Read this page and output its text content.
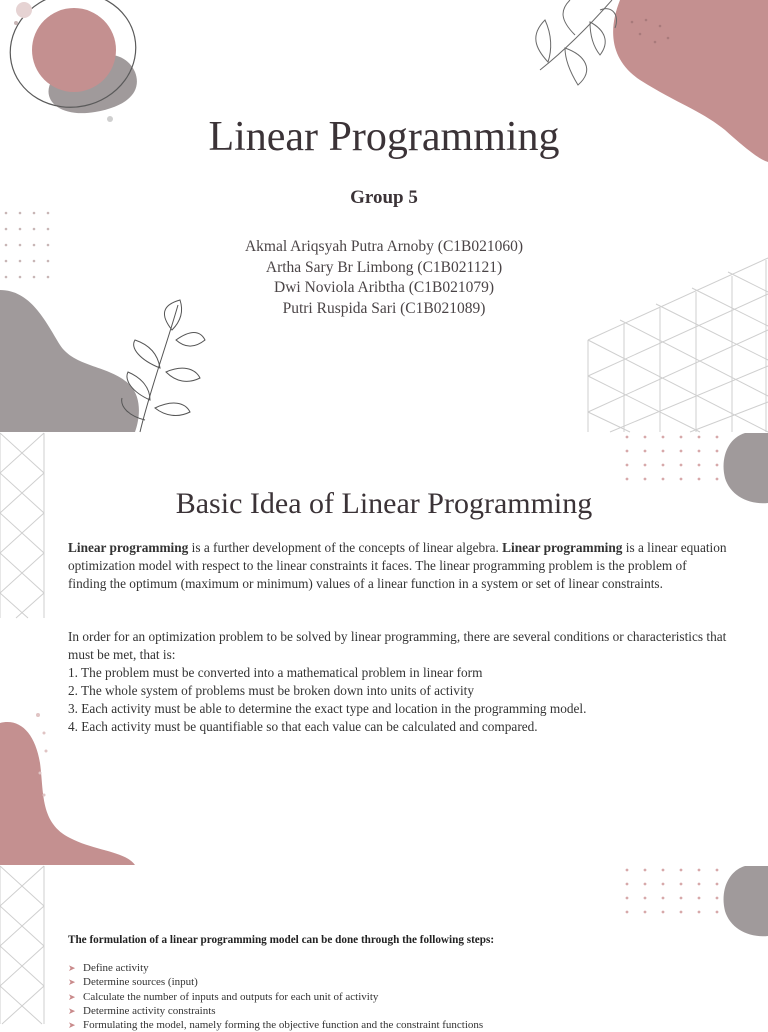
Linear Programming
Group 5
Akmal Ariqsyah Putra Arnoby (C1B021060)
Artha Sary Br Limbong (C1B021121)
Dwi Noviola Aribtha (C1B021079)
Putri Ruspida Sari (C1B021089)
Basic Idea of Linear Programming
Linear programming is a further development of the concepts of linear algebra. Linear programming is a linear equation optimization model with respect to the linear constraints it faces. The linear programming problem is the problem of finding the optimum (maximum or minimum) values of a linear function in a system or set of linear constraints.
In order for an optimization problem to be solved by linear programming, there are several conditions or characteristics that must be met, that is:
1. The problem must be converted into a mathematical problem in linear form
2. The whole system of problems must be broken down into units of activity
3. Each activity must be able to determine the exact type and location in the programming model.
4. Each activity must be quantifiable so that each value can be calculated and compared.
The formulation of a linear programming model can be done through the following steps:
➤ Define activity
➤ Determine sources (input)
➤ Calculate the number of inputs and outputs for each unit of activity
➤ Determine activity constraints
➤ Formulating the model, namely forming the objective function and the constraint functions
